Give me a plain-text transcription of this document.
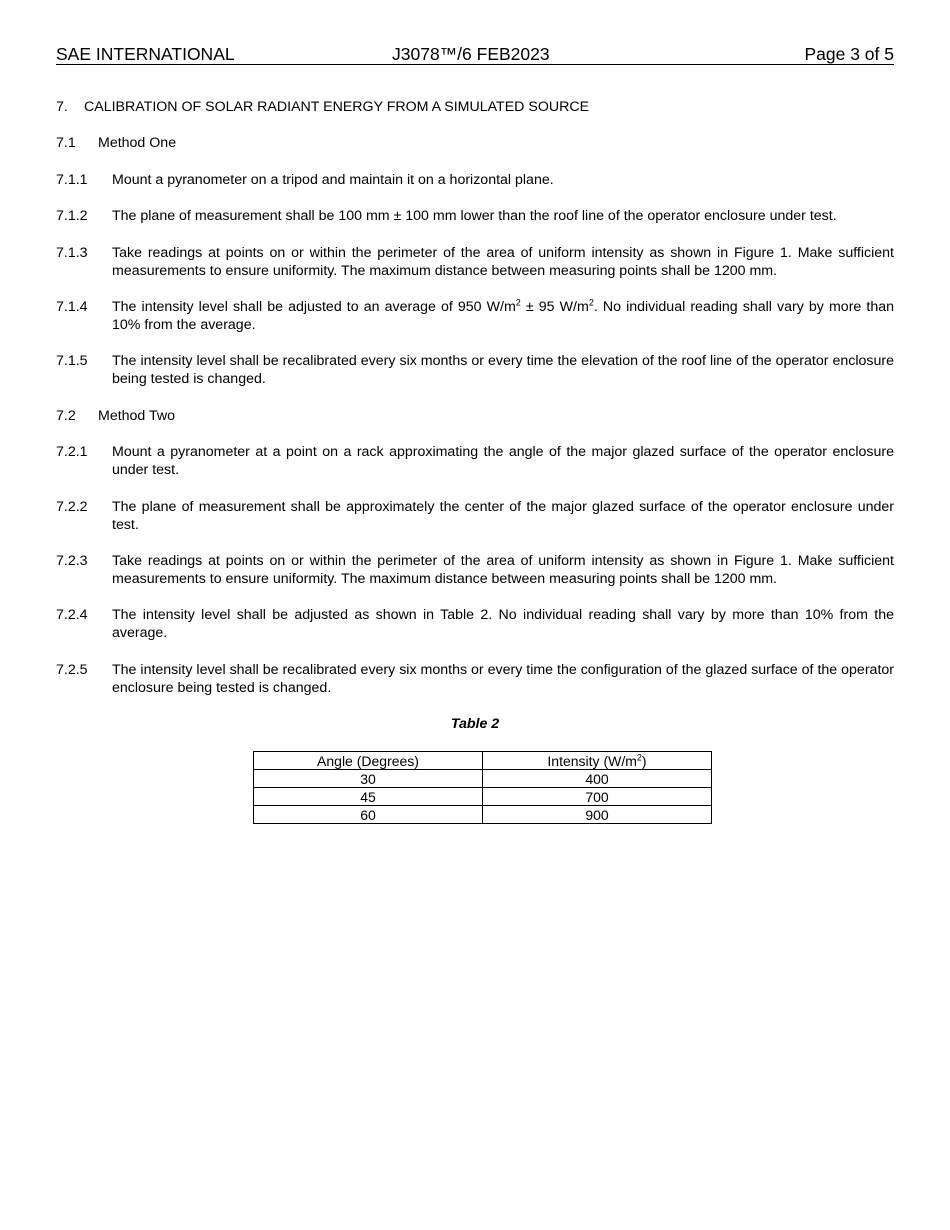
SAE INTERNATIONAL	J3078™/6 FEB2023	Page 3 of 5
7. CALIBRATION OF SOLAR RADIANT ENERGY FROM A SIMULATED SOURCE
7.1 Method One
7.1.1 Mount a pyranometer on a tripod and maintain it on a horizontal plane.
7.1.2 The plane of measurement shall be 100 mm ± 100 mm lower than the roof line of the operator enclosure under test.
7.1.3 Take readings at points on or within the perimeter of the area of uniform intensity as shown in Figure 1. Make sufficient measurements to ensure uniformity. The maximum distance between measuring points shall be 1200 mm.
7.1.4 The intensity level shall be adjusted to an average of 950 $W/m^2 \pm 95$ $W/m^2$. No individual reading shall vary by more than 10% from the average.
7.1.5 The intensity level shall be recalibrated every six months or every time the elevation of the roof line of the operator enclosure being tested is changed.
7.2 Method Two
7.2.1 Mount a pyranometer at a point on a rack approximating the angle of the major glazed surface of the operator enclosure under test.
7.2.2 The plane of measurement shall be approximately the center of the major glazed surface of the operator enclosure under test.
7.2.3 Take readings at points on or within the perimeter of the area of uniform intensity as shown in Figure 1. Make sufficient measurements to ensure uniformity. The maximum distance between measuring points shall be 1200 mm.
7.2.4 The intensity level shall be adjusted as shown in Table 2. No individual reading shall vary by more than 10% from the average.
7.2.5 The intensity level shall be recalibrated every six months or every time the configuration of the glazed surface of the operator enclosure being tested is changed.
Table 2
Angle (Degrees)	Intensity $(W/m^2)$
30	400
45	700
60	900
